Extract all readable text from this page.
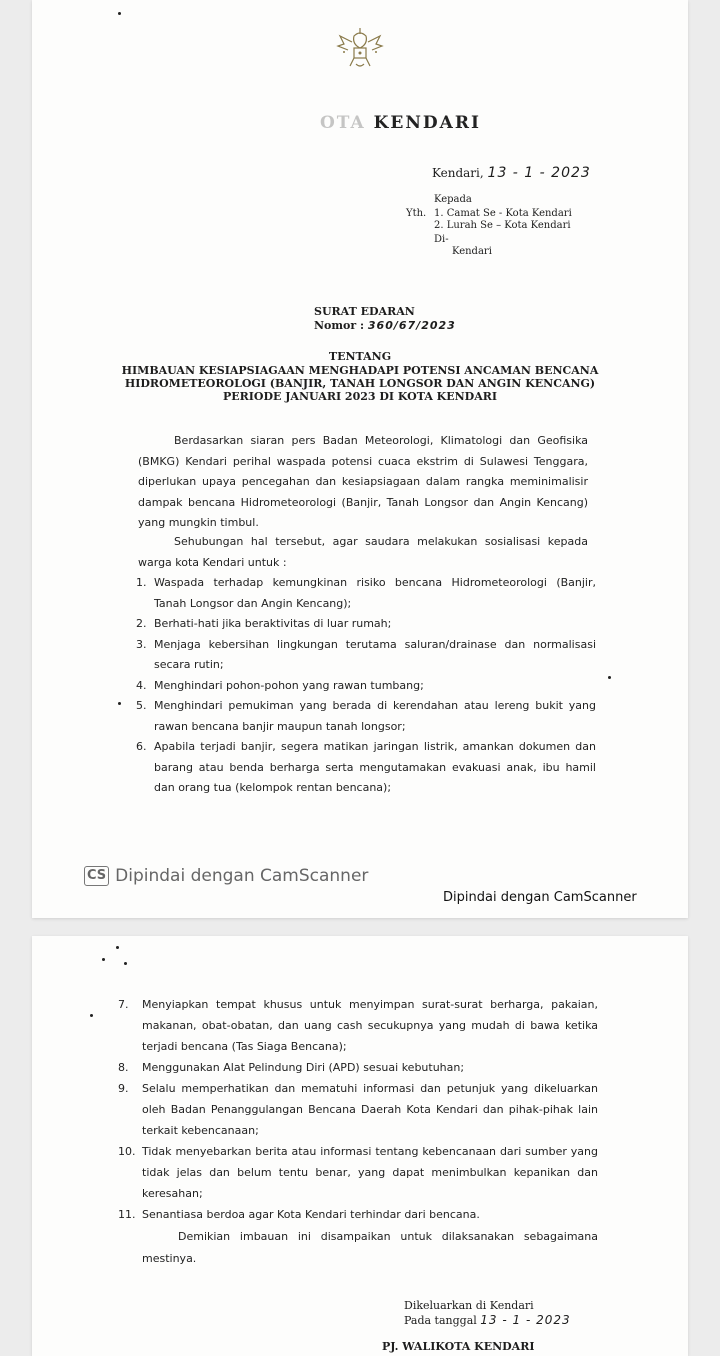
OTA KENDARI
Kendari, 13 - 1 - 2023
Kepada
Yth. 1. Camat Se - Kota Kendari
2. Lurah Se – Kota Kendari
Di-
Kendari
SURAT EDARAN
Nomor : 360/67/2023
TENTANG
HIMBAUAN KESIAPSIAGAAN MENGHADAPI POTENSI ANCAMAN BENCANA
HIDROMETEOROLOGI (BANJIR, TANAH LONGSOR DAN ANGIN KENCANG)
PERIODE JANUARI 2023 DI KOTA KENDARI
Berdasarkan siaran pers Badan Meteorologi, Klimatologi dan Geofisika (BMKG) Kendari perihal waspada potensi cuaca ekstrim di Sulawesi Tenggara, diperlukan upaya pencegahan dan kesiapsiagaan dalam rangka meminimalisir dampak bencana Hidrometeorologi (Banjir, Tanah Longsor dan Angin Kencang) yang mungkin timbul.
Sehubungan hal tersebut, agar saudara melakukan sosialisasi kepada warga kota Kendari untuk :
1. Waspada terhadap kemungkinan risiko bencana Hidrometeorologi (Banjir, Tanah Longsor dan Angin Kencang);
2. Berhati-hati jika beraktivitas di luar rumah;
3. Menjaga kebersihan lingkungan terutama saluran/drainase dan normalisasi secara rutin;
4. Menghindari pohon-pohon yang rawan tumbang;
5. Menghindari pemukiman yang berada di kerendahan atau lereng bukit yang rawan bencana banjir maupun tanah longsor;
6. Apabila terjadi banjir, segera matikan jaringan listrik, amankan dokumen dan barang atau benda berharga serta mengutamakan evakuasi anak, ibu hamil dan orang tua (kelompok rentan bencana);
CS Dipindai dengan CamScanner
Dipindai dengan CamScanner
7. Menyiapkan tempat khusus untuk menyimpan surat-surat berharga, pakaian, makanan, obat-obatan, dan uang cash secukupnya yang mudah di bawa ketika terjadi bencana (Tas Siaga Bencana);
8. Menggunakan Alat Pelindung Diri (APD) sesuai kebutuhan;
9. Selalu memperhatikan dan mematuhi informasi dan petunjuk yang dikeluarkan oleh Badan Penanggulangan Bencana Daerah Kota Kendari dan pihak-pihak lain terkait kebencanaan;
10. Tidak menyebarkan berita atau informasi tentang kebencanaan dari sumber yang tidak jelas dan belum tentu benar, yang dapat menimbulkan kepanikan dan keresahan;
11. Senantiasa berdoa agar Kota Kendari terhindar dari bencana.
Demikian imbauan ini disampaikan untuk dilaksanakan sebagaimana mestinya.
Dikeluarkan di Kendari
Pada tanggal 13 - 1 - 2023
PJ. WALIKOTA KENDARI
